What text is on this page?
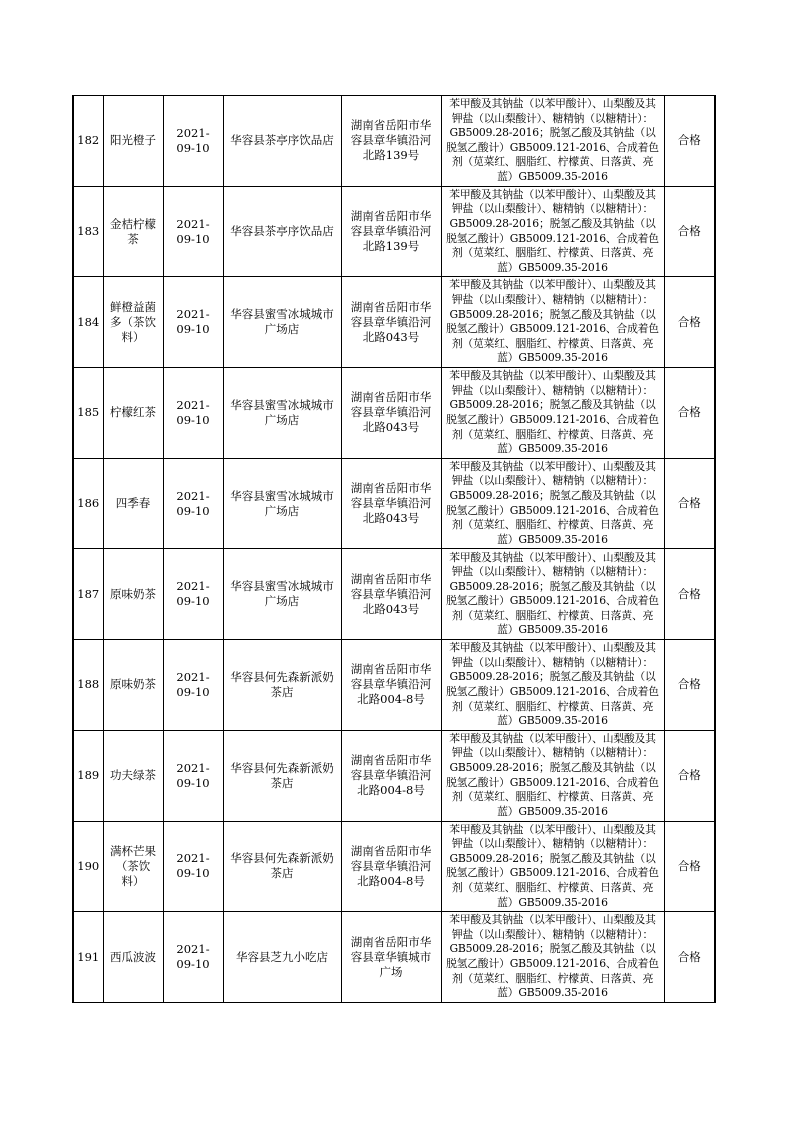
182	阳光橙子	2021-09-10	华容县茶亭序饮品店	湖南省岳阳市华容县章华镇沿河北路139号	苯甲酸及其钠盐（以苯甲酸计）、山梨酸及其钾盐（以山梨酸计）、糖精钠（以糖精计）：GB5009.28-2016；脱氢乙酸及其钠盐（以脱氢乙酸计）GB5009.121-2016、合成着色剂（苋菜红、胭脂红、柠檬黄、日落黄、亮蓝）GB5009.35-2016	合格

183	金桔柠檬茶	2021-09-10	华容县茶亭序饮品店	湖南省岳阳市华容县章华镇沿河北路139号	苯甲酸及其钠盐（以苯甲酸计）、山梨酸及其钾盐（以山梨酸计）、糖精钠（以糖精计）：GB5009.28-2016；脱氢乙酸及其钠盐（以脱氢乙酸计）GB5009.121-2016、合成着色剂（苋菜红、胭脂红、柠檬黄、日落黄、亮蓝）GB5009.35-2016	合格

184	鲜橙益菌多（茶饮料）	2021-09-10	华容县蜜雪冰城城市广场店	湖南省岳阳市华容县章华镇沿河北路043号	苯甲酸及其钠盐（以苯甲酸计）、山梨酸及其钾盐（以山梨酸计）、糖精钠（以糖精计）：GB5009.28-2016；脱氢乙酸及其钠盐（以脱氢乙酸计）GB5009.121-2016、合成着色剂（苋菜红、胭脂红、柠檬黄、日落黄、亮蓝）GB5009.35-2016	合格

185	柠檬红茶	2021-09-10	华容县蜜雪冰城城市广场店	湖南省岳阳市华容县章华镇沿河北路043号	苯甲酸及其钠盐（以苯甲酸计）、山梨酸及其钾盐（以山梨酸计）、糖精钠（以糖精计）：GB5009.28-2016；脱氢乙酸及其钠盐（以脱氢乙酸计）GB5009.121-2016、合成着色剂（苋菜红、胭脂红、柠檬黄、日落黄、亮蓝）GB5009.35-2016	合格

186	四季春	2021-09-10	华容县蜜雪冰城城市广场店	湖南省岳阳市华容县章华镇沿河北路043号	苯甲酸及其钠盐（以苯甲酸计）、山梨酸及其钾盐（以山梨酸计）、糖精钠（以糖精计）：GB5009.28-2016；脱氢乙酸及其钠盐（以脱氢乙酸计）GB5009.121-2016、合成着色剂（苋菜红、胭脂红、柠檬黄、日落黄、亮蓝）GB5009.35-2016	合格

187	原味奶茶	2021-09-10	华容县蜜雪冰城城市广场店	湖南省岳阳市华容县章华镇沿河北路043号	苯甲酸及其钠盐（以苯甲酸计）、山梨酸及其钾盐（以山梨酸计）、糖精钠（以糖精计）：GB5009.28-2016；脱氢乙酸及其钠盐（以脱氢乙酸计）GB5009.121-2016、合成着色剂（苋菜红、胭脂红、柠檬黄、日落黄、亮蓝）GB5009.35-2016	合格

188	原味奶茶	2021-09-10	华容县何先森新派奶茶店	湖南省岳阳市华容县章华镇沿河北路004-8号	苯甲酸及其钠盐（以苯甲酸计）、山梨酸及其钾盐（以山梨酸计）、糖精钠（以糖精计）：GB5009.28-2016；脱氢乙酸及其钠盐（以脱氢乙酸计）GB5009.121-2016、合成着色剂（苋菜红、胭脂红、柠檬黄、日落黄、亮蓝）GB5009.35-2016	合格

189	功夫绿茶	2021-09-10	华容县何先森新派奶茶店	湖南省岳阳市华容县章华镇沿河北路004-8号	苯甲酸及其钠盐（以苯甲酸计）、山梨酸及其钾盐（以山梨酸计）、糖精钠（以糖精计）：GB5009.28-2016；脱氢乙酸及其钠盐（以脱氢乙酸计）GB5009.121-2016、合成着色剂（苋菜红、胭脂红、柠檬黄、日落黄、亮蓝）GB5009.35-2016	合格

190	满杯芒果（茶饮料）	2021-09-10	华容县何先森新派奶茶店	湖南省岳阳市华容县章华镇沿河北路004-8号	苯甲酸及其钠盐（以苯甲酸计）、山梨酸及其钾盐（以山梨酸计）、糖精钠（以糖精计）：GB5009.28-2016；脱氢乙酸及其钠盐（以脱氢乙酸计）GB5009.121-2016、合成着色剂（苋菜红、胭脂红、柠檬黄、日落黄、亮蓝）GB5009.35-2016	合格

191	西瓜波波	2021-09-10	华容县芝九小吃店	湖南省岳阳市华容县章华镇城市广场	苯甲酸及其钠盐（以苯甲酸计）、山梨酸及其钾盐（以山梨酸计）、糖精钠（以糖精计）：GB5009.28-2016；脱氢乙酸及其钠盐（以脱氢乙酸计）GB5009.121-2016、合成着色剂（苋菜红、胭脂红、柠檬黄、日落黄、亮蓝）GB5009.35-2016	合格
